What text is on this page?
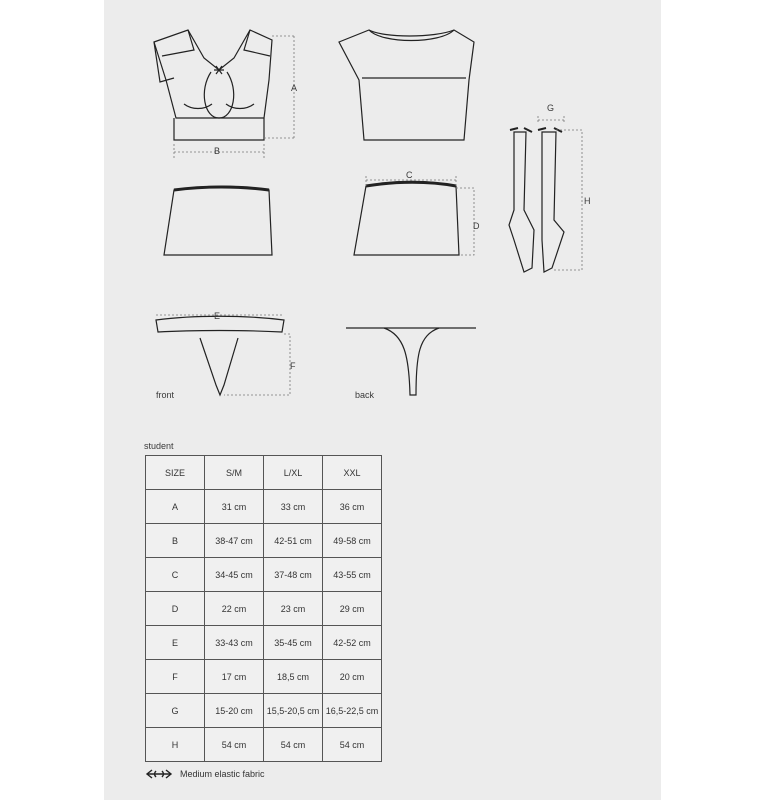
A
B
C
D
E
F
G
H
front	back
student
SIZE	S/M	L/XL	XXL
A	31 cm	33 cm	36 cm
B	38-47 cm	42-51 cm	49-58 cm
C	34-45 cm	37-48 cm	43-55 cm
D	22 cm	23 cm	29 cm
E	33-43 cm	35-45 cm	42-52 cm
F	17 cm	18,5 cm	20 cm
G	15-20 cm	15,5-20,5 cm	16,5-22,5 cm
H	54 cm	54 cm	54 cm
Medium elastic fabric
